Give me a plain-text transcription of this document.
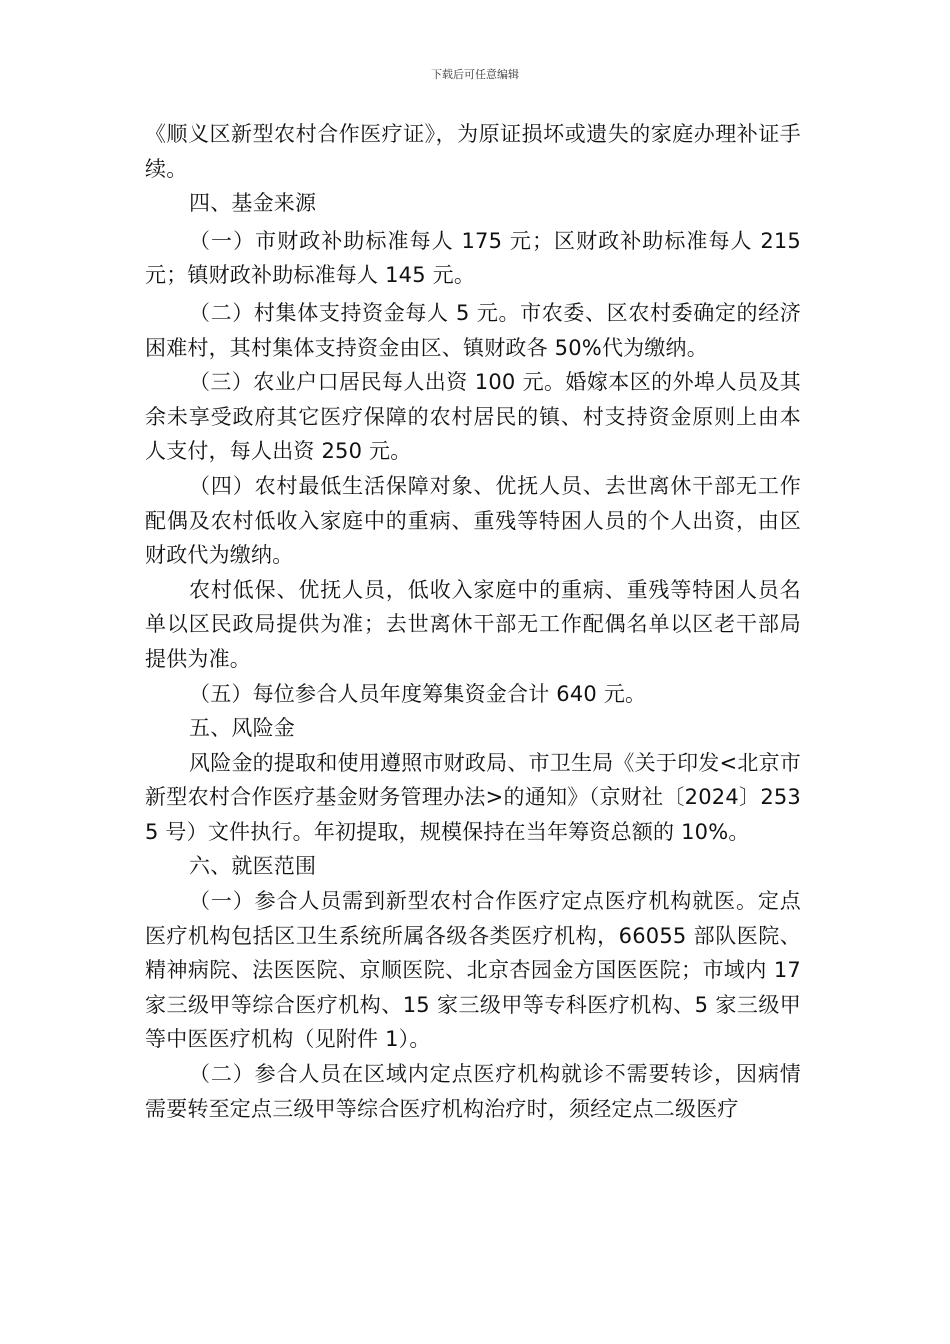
下载后可任意编辑

《顺义区新型农村合作医疗证》，为原证损坏或遗失的家庭办理补证手续。

四、基金来源

（一）市财政补助标准每人 175 元；区财政补助标准每人 215 元；镇财政补助标准每人 145 元。

（二）村集体支持资金每人 5 元。市农委、区农村委确定的经济困难村，其村集体支持资金由区、镇财政各 50%代为缴纳。

（三）农业户口居民每人出资 100 元。婚嫁本区的外埠人员及其余未享受政府其它医疗保障的农村居民的镇、村支持资金原则上由本人支付，每人出资 250 元。

（四）农村最低生活保障对象、优抚人员、去世离休干部无工作配偶及农村低收入家庭中的重病、重残等特困人员的个人出资，由区财政代为缴纳。

农村低保、优抚人员，低收入家庭中的重病、重残等特困人员名单以区民政局提供为准；去世离休干部无工作配偶名单以区老干部局提供为准。

（五）每位参合人员年度筹集资金合计 640 元。

五、风险金

风险金的提取和使用遵照市财政局、市卫生局《关于印发<北京市新型农村合作医疗基金财务管理办法>的通知》（京财社〔2024〕2535 号）文件执行。年初提取，规模保持在当年筹资总额的 10%。

六、就医范围

（一）参合人员需到新型农村合作医疗定点医疗机构就医。定点医疗机构包括区卫生系统所属各级各类医疗机构，66055 部队医院、精神病院、法医医院、京顺医院、北京杏园金方国医医院；市域内 17 家三级甲等综合医疗机构、15 家三级甲等专科医疗机构、5 家三级甲等中医医疗机构（见附件 1）。

（二）参合人员在区域内定点医疗机构就诊不需要转诊，因病情需要转至定点三级甲等综合医疗机构治疗时，须经定点二级医疗
